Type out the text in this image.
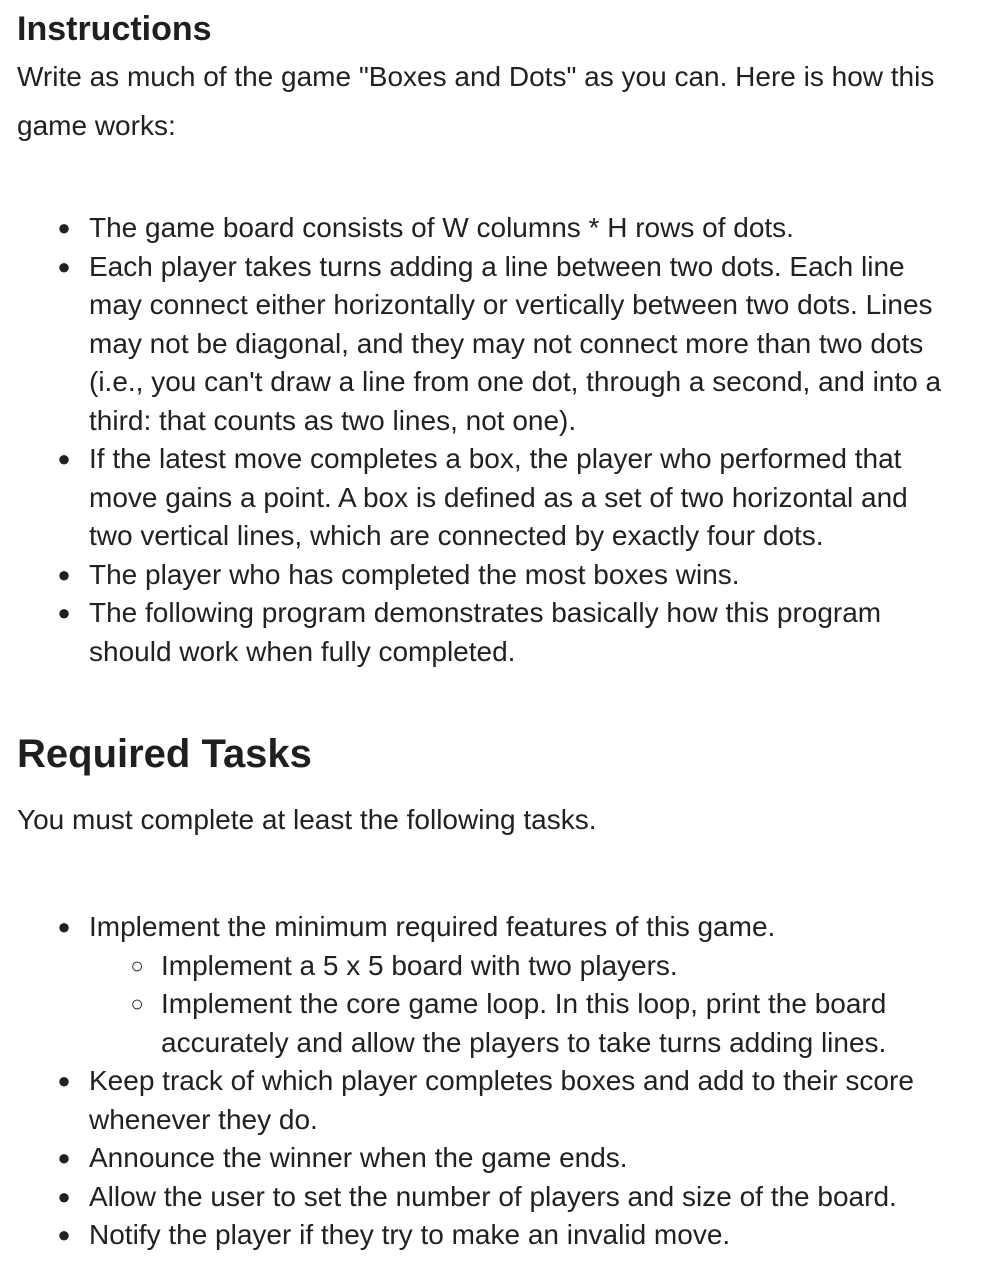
Instructions

Write as much of the game "Boxes and Dots" as you can. Here is how this game works:

● The game board consists of W columns * H rows of dots.
● Each player takes turns adding a line between two dots. Each line may connect either horizontally or vertically between two dots. Lines may not be diagonal, and they may not connect more than two dots (i.e., you can't draw a line from one dot, through a second, and into a third: that counts as two lines, not one).
● If the latest move completes a box, the player who performed that move gains a point. A box is defined as a set of two horizontal and two vertical lines, which are connected by exactly four dots.
● The player who has completed the most boxes wins.
● The following program demonstrates basically how this program should work when fully completed.
Required Tasks

You must complete at least the following tasks.

● Implement the minimum required features of this game.
○ Implement a 5 x 5 board with two players.
○ Implement the core game loop. In this loop, print the board accurately and allow the players to take turns adding lines.
● Keep track of which player completes boxes and add to their score whenever they do.
● Announce the winner when the game ends.
● Allow the user to set the number of players and size of the board.
● Notify the player if they try to make an invalid move.
